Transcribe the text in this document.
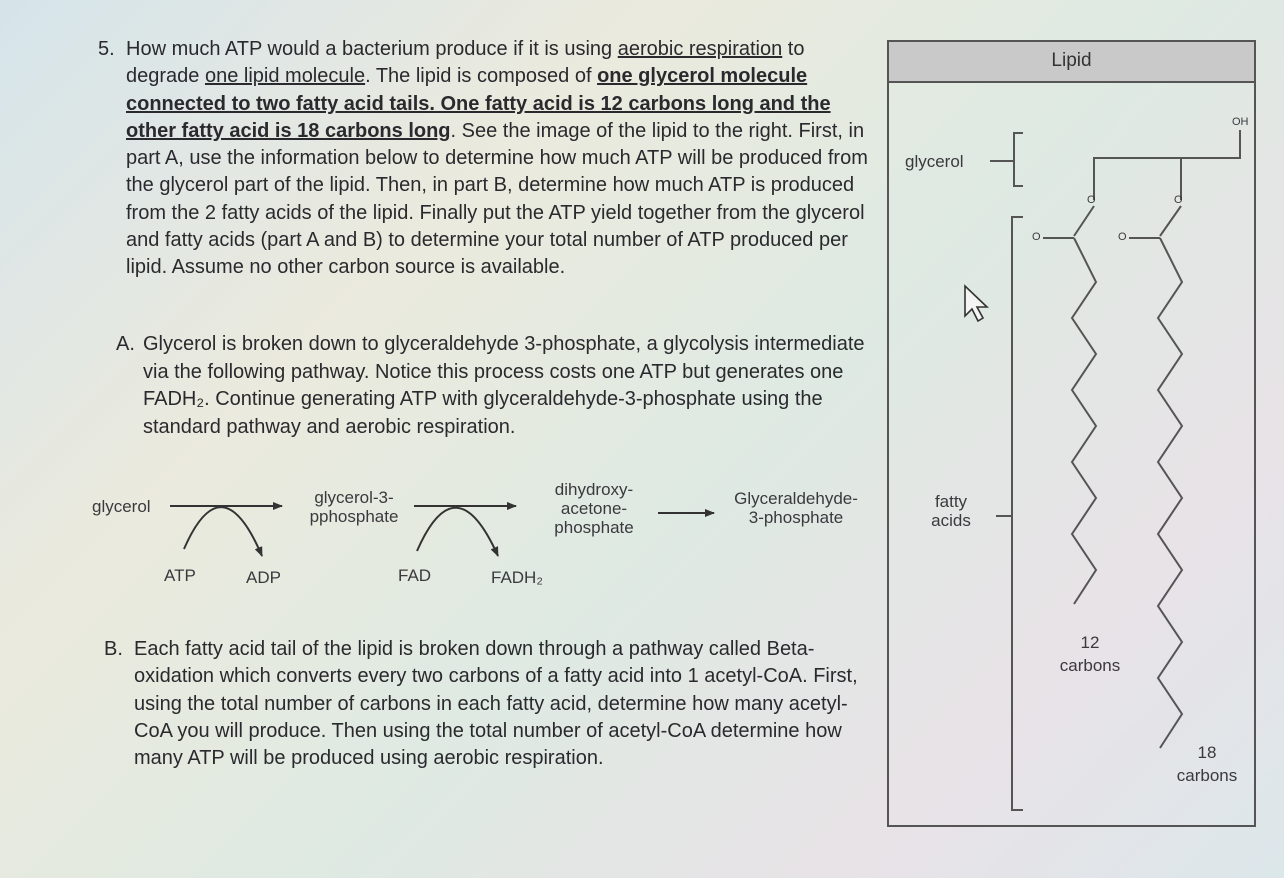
5. How much ATP would a bacterium produce if it is using aerobic respiration to degrade one lipid molecule. The lipid is composed of one glycerol molecule connected to two fatty acid tails. One fatty acid is 12 carbons long and the other fatty acid is 18 carbons long. See the image of the lipid to the right. First, in part A, use the information below to determine how much ATP will be produced from the glycerol part of the lipid. Then, in part B, determine how much ATP is produced from the 2 fatty acids of the lipid. Finally put the ATP yield together from the glycerol and fatty acids (part A and B) to determine your total number of ATP produced per lipid. Assume no other carbon source is available.
A. Glycerol is broken down to glyceraldehyde 3-phosphate, a glycolysis intermediate via the following pathway. Notice this process costs one ATP but generates one FADH₂. Continue generating ATP with glyceraldehyde-3-phosphate using the standard pathway and aerobic respiration.
glycerol	glycerol-3-
pphosphate
dihydroxy-
acetone-
phosphate
Glyceraldehyde-
3-phosphate
ATP	ADP	FAD	FADH₂
B. Each fatty acid tail of the lipid is broken down through a pathway called Beta-oxidation which converts every two carbons of a fatty acid into 1 acetyl-CoA. First, using the total number of carbons in each fatty acid, determine how many acetyl-CoA you will produce. Then using the total number of acetyl-CoA determine how many ATP will be produced using aerobic respiration.
Lipid
glycerol
fatty
acids
OH
O	O
O	O
12
carbons
18
carbons
